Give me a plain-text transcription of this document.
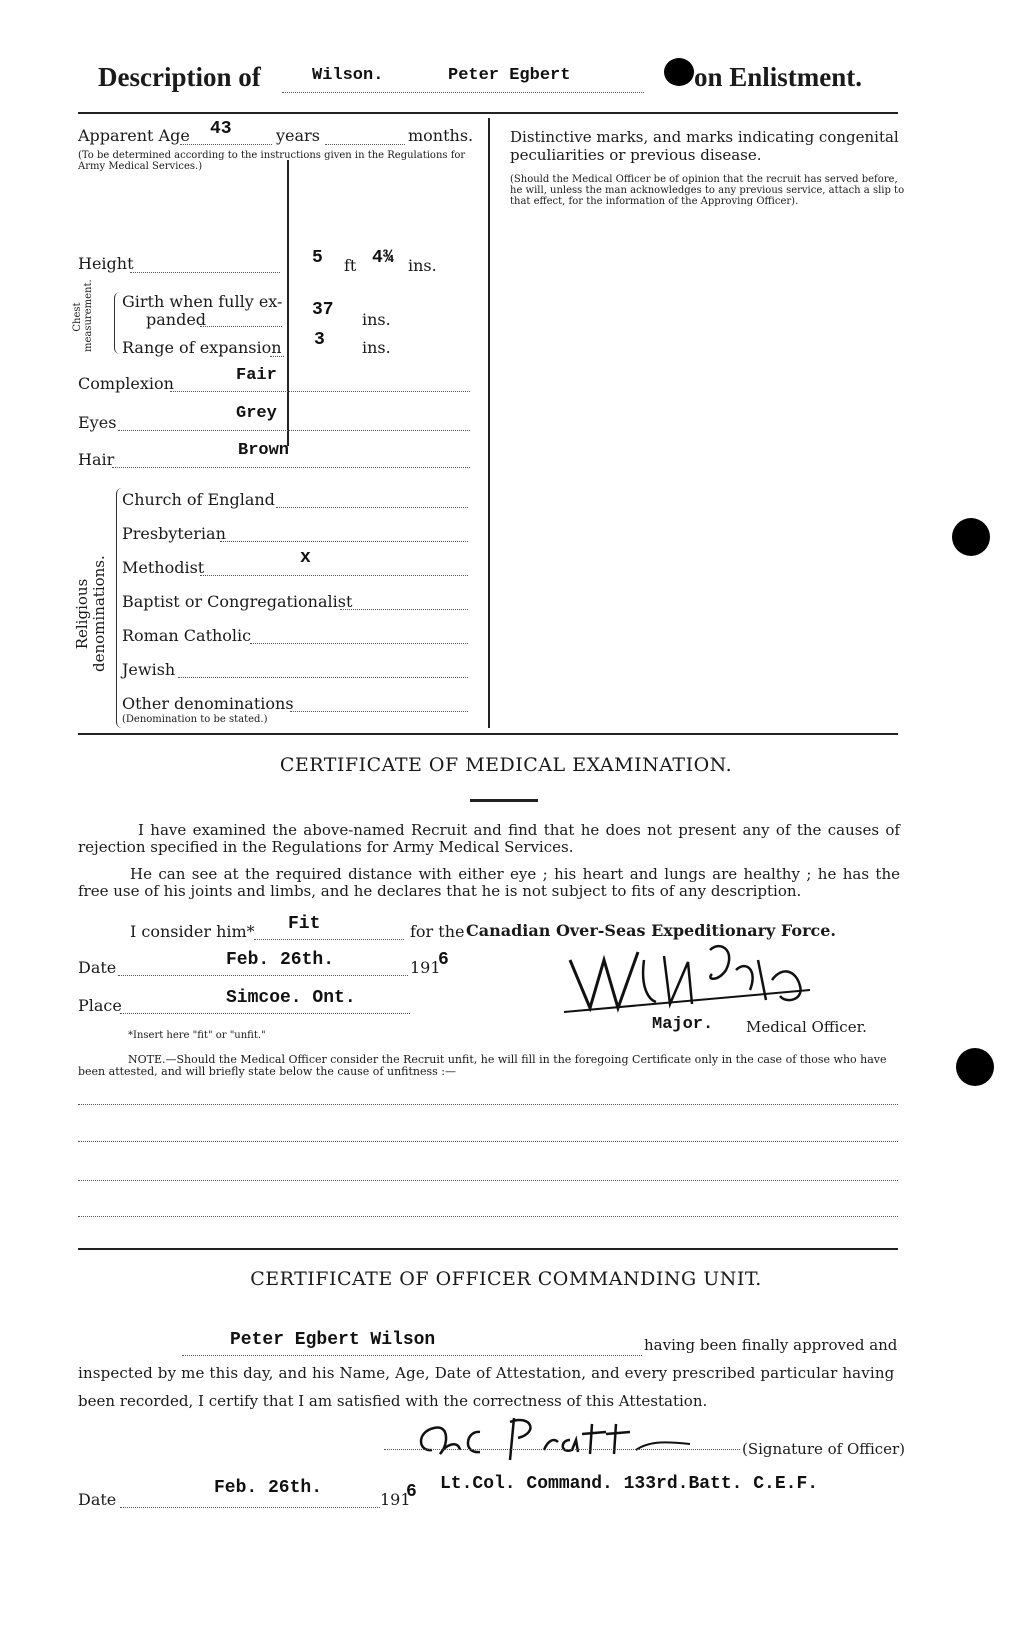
Description of	Wilson.	Peter Egbert	on Enlistment.
Apparent Age 43	years	months.
(To be determined according to the instructions given in the Regulations for Army Medical Services.)
Height	5 ft 4¾ ins.
Chest measurement. Girth when fully ex-
panded	37 ins.
Range of expansion 3 ins.
Complexion	Fair
Eyes	Grey
Hair	Brown
Religious denominations.
Church of England
Presbyterian
Methodist	x
Baptist or Congregationalist
Roman Catholic
Jewish
Other denominations
(Denomination to be stated.)
Distinctive marks, and marks indicating congenital peculiarities or previous disease.
(Should the Medical Officer be of opinion that the recruit has served before, he will, unless the man acknowledges to any previous service, attach a slip to that effect, for the information of the Approving Officer).
CERTIFICATE OF MEDICAL EXAMINATION.
I have examined the above-named Recruit and find that he does not present any of the causes of rejection specified in the Regulations for Army Medical Services.
He can see at the required distance with either eye ; his heart and lungs are healthy ; he has the free use of his joints and limbs, and he declares that he is not subject to fits of any description.
I consider him* Fit	for the Canadian Over-Seas Expeditionary Force.
Date	Feb. 26th.	191
6
Place	Simcoe. Ont.
Major. Medical Officer.
*Insert here "fit" or "unfit."
NOTE.—Should the Medical Officer consider the Recruit unfit, he will fill in the foregoing Certificate only in the case of those who have been attested, and will briefly state below the cause of unfitness :—
CERTIFICATE OF OFFICER COMMANDING UNIT.
Peter Egbert Wilson	having been finally approved and
inspected by me this day, and his Name, Age, Date of Attestation, and every prescribed particular having
been recorded, I certify that I am satisfied with the correctness of this Attestation.
(Signature of Officer)
Date
Feb. 26th.
191
6 Lt.Col. Command. 133rd.Batt. C.E.F.
